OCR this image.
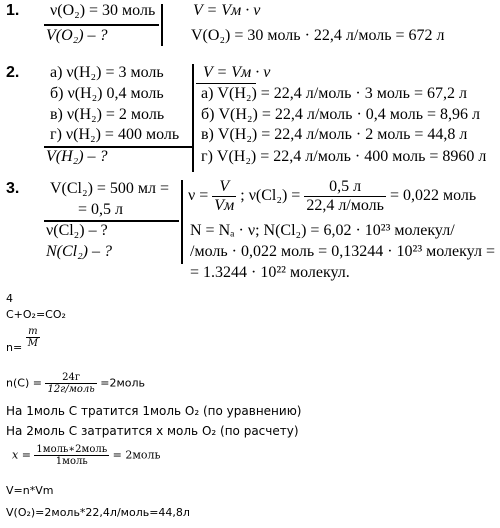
1. ν(O₂) = 30 моль
V(O₂) – ?
V = Vм · ν
V(O₂) = 30 моль · 22,4 л/моль = 672 л
2. а) ν(H₂) = 3 моль
б) ν(H₂) 0,4 моль
в) ν(H₂) = 2 моль
г) ν(H₂) = 400 моль
V(H₂) – ?
V = Vм · ν
а) V(H₂) = 22,4 л/моль · 3 моль = 67,2 л
б) V(H₂) = 22,4 л/моль · 0,4 моль = 8,96 л
в) V(H₂) = 22,4 л/моль · 2 моль = 44,8 л
г) V(H₂) = 22,4 л/моль · 400 моль = 8960 л
3. V(Cl₂) = 500 мл =
= 0,5 л
ν(Cl₂) – ?
N(Cl₂) – ?
ν =
V
Vм
; ν(Cl₂) =
0,5 л
22,4 л/моль
= 0,022 моль
N = Nₐ · ν; N(Cl₂) = 6,02 · 10²³ молекул/
/моль · 0,022 моль = 0,13244 · 10²³ молекул =
= 1.3244 · 10²² молекул.
4
C+O₂=CO₂
$n= \frac{m}{M}$
n(C) =	24г
12г/моль =2моль
На 1моль С тратится 1моль O₂ (по уравнению)
На 2моль С затратится x моль O₂ (по расчету)
x = 1моль∗2моль
1моль	= 2моль
V=n*Vm
V(O₂)=2моль*22,4л/моль=44,8л
